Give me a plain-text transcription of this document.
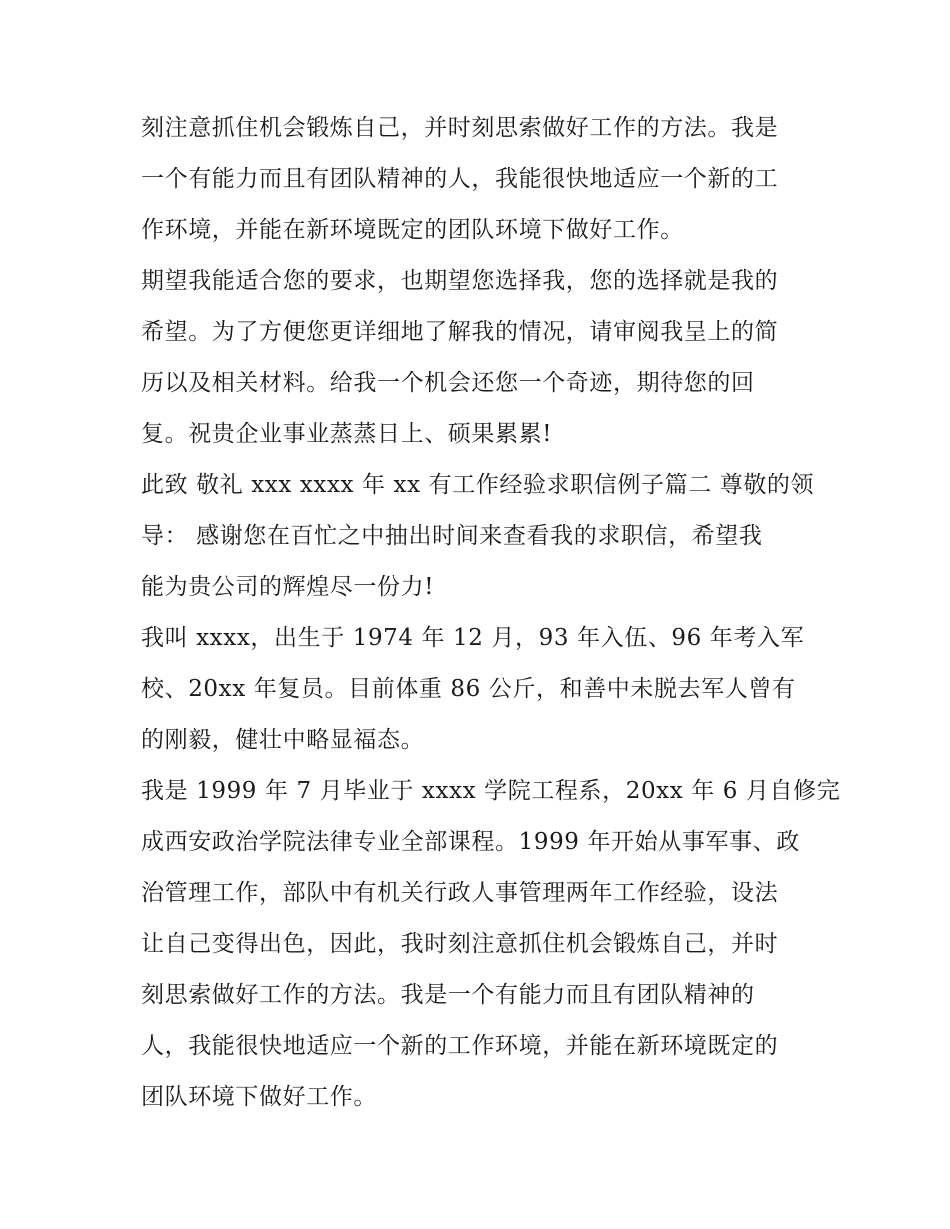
刻注意抓住机会锻炼自己，并时刻思索做好工作的方法。我是
一个有能力而且有团队精神的人，我能很快地适应一个新的工
作环境，并能在新环境既定的团队环境下做好工作。

期望我能适合您的要求，也期望您选择我，您的选择就是我的
希望。为了方便您更详细地了解我的情况，请审阅我呈上的简
历以及相关材料。给我一个机会还您一个奇迹，期待您的回
复。祝贵企业事业蒸蒸日上、硕果累累!

此致 敬礼 xxx xxxx 年 xx 有工作经验求职信例子篇二 尊敬的领
导： 感谢您在百忙之中抽出时间来查看我的求职信，希望我
能为贵公司的辉煌尽一份力!

我叫 xxxx，出生于 1974 年 12 月，93 年入伍、96 年考入军
校、20xx 年复员。目前体重 86 公斤，和善中未脱去军人曾有
的刚毅，健壮中略显福态。

我是 1999 年 7 月毕业于 xxxx 学院工程系，20xx 年 6 月自修完
成西安政治学院法律专业全部课程。1999 年开始从事军事、政
治管理工作，部队中有机关行政人事管理两年工作经验，设法
让自己变得出色，因此，我时刻注意抓住机会锻炼自己，并时
刻思索做好工作的方法。我是一个有能力而且有团队精神的
人，我能很快地适应一个新的工作环境，并能在新环境既定的
团队环境下做好工作。
